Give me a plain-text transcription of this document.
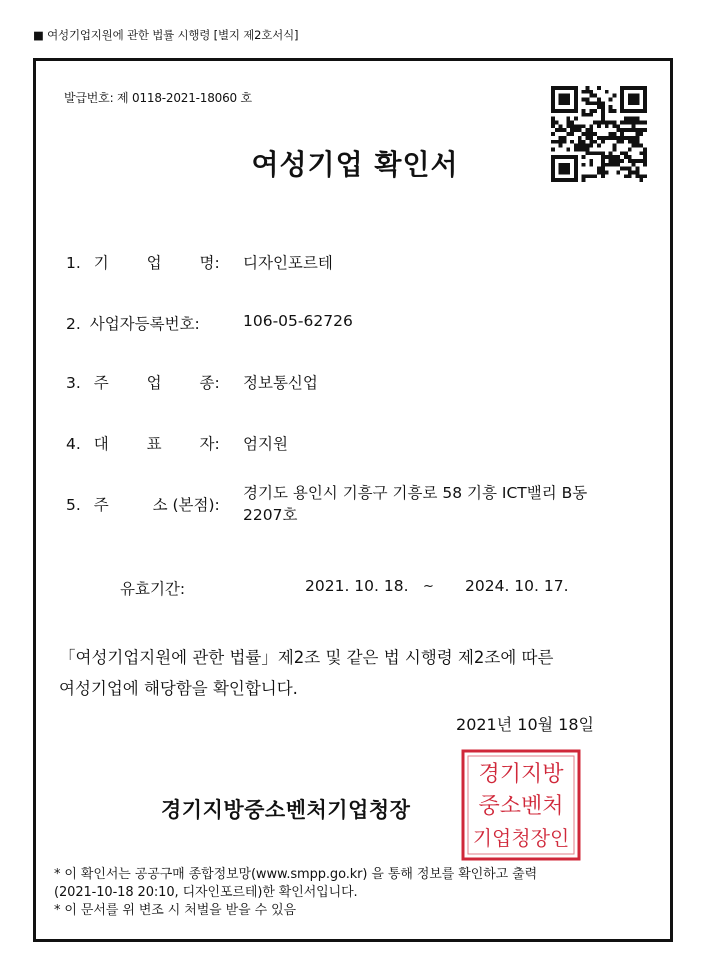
■ 여성기업지원에 관한 법률 시행령 [별지 제2호서식]
발급번호: 제 0118-2021-18060 호
여성기업 확인서
1. 기 업 명: 디자인포르테
2. 사업자등록번호:	106-05-62726
3. 주 업 종: 정보통신업
4. 대 표 자: 엄지원
5. 주	소 (본점):
경기도 용인시 기흥구 기흥로 58 기흥 ICT밸리 B동
2207호
유효기간:	2021. 10. 18. ~ 2024. 10. 17.
「여성기업지원에 관한 법률」제2조 및 같은 법 시행령 제2조에 따른
여성기업에 해당함을 확인합니다.
2021년 10월 18일
경기지방중소벤처기업청장
경기지방
중소벤처
기업청장인
* 이 확인서는 공공구매 종합정보망(www.smpp.go.kr) 을 통해 정보를 확인하고 출력
(2021-10-18 20:10, 디자인포르테)한 확인서입니다.
* 이 문서를 위 변조 시 처벌을 받을 수 있음
